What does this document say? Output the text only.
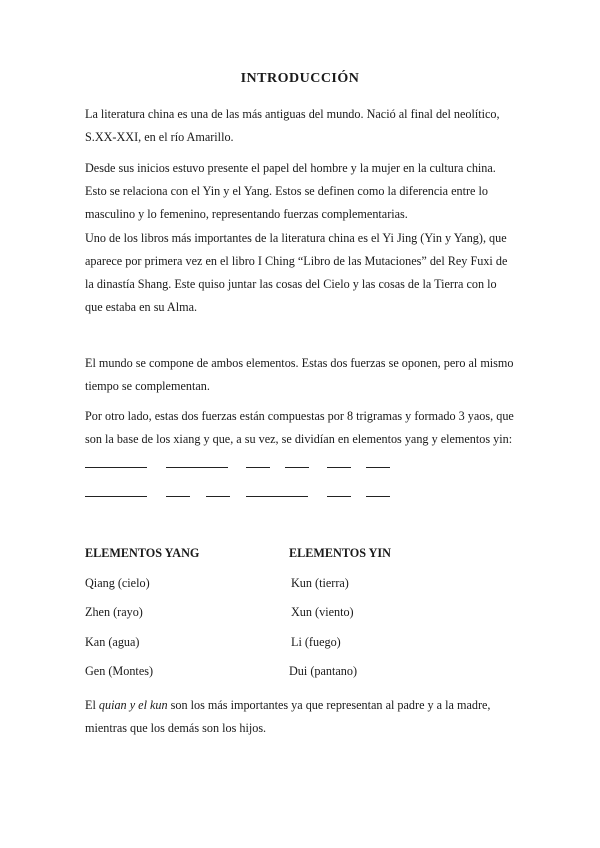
INTRODUCCIÓN
La literatura china es una de las más antiguas del mundo. Nació al final del neolítico,
S.XX-XXI, en el río Amarillo.
Desde sus inicios estuvo presente el papel del hombre y la mujer en la cultura china.
Esto se relaciona con el Yin y el Yang. Estos se definen como la diferencia entre lo
masculino y lo femenino, representando fuerzas complementarias.
Uno de los libros más importantes de la literatura china es el Yi Jing (Yin y Yang), que
aparece por primera vez en el libro I Ching “Libro de las Mutaciones” del Rey Fuxi de
la dinastía Shang. Este quiso juntar las cosas del Cielo y las cosas de la Tierra con lo
que estaba en su Alma.
El mundo se compone de ambos elementos. Estas dos fuerzas se oponen, pero al mismo
tiempo se complementan.
Por otro lado, estas dos fuerzas están compuestas por 8 trigramas y formado 3 yaos, que
son la base de los xiang y que, a su vez, se dividían en elementos yang y elementos yin:
ELEMENTOS YANG	ELEMENTOS YIN
Qiang (cielo)
Zhen (rayo)
Kan (agua)
Gen (Montes)
Kun (tierra)
Xun (viento)
Li (fuego)
Dui (pantano)
El quian y el kun son los más importantes ya que representan al padre y a la madre,
mientras que los demás son los hijos.
